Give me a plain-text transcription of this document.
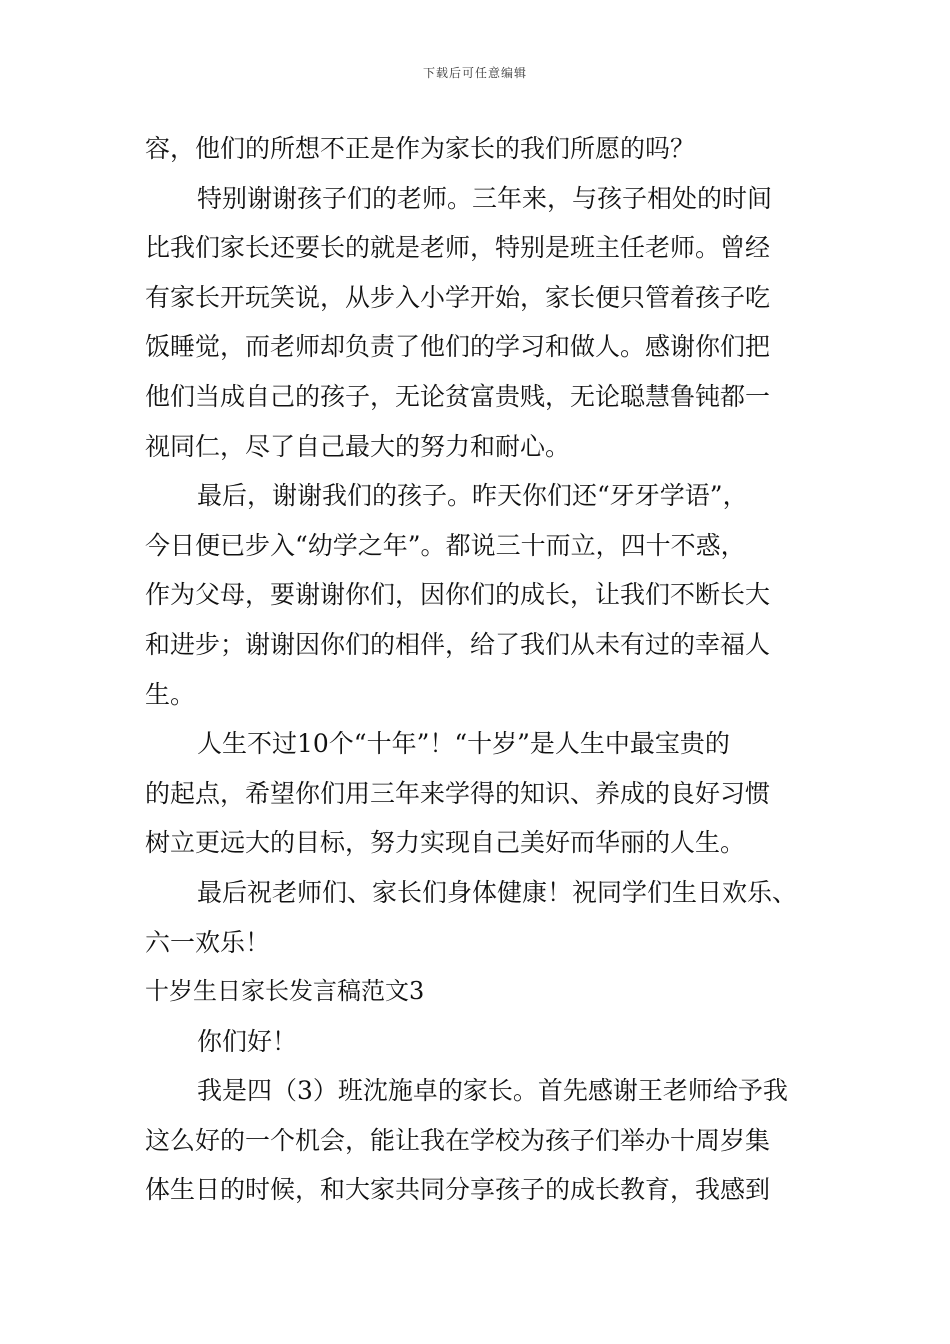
下载后可任意编辑
容，他们的所想不正是作为家长的我们所愿的吗？
特别谢谢孩子们的老师。三年来，与孩子相处的时间
比我们家长还要长的就是老师，特别是班主任老师。曾经
有家长开玩笑说，从步入小学开始，家长便只管着孩子吃
饭睡觉，而老师却负责了他们的学习和做人。感谢你们把
他们当成自己的孩子，无论贫富贵贱，无论聪慧鲁钝都一
视同仁，尽了自己最大的努力和耐心。
最后，谢谢我们的孩子。昨天你们还“牙牙学语”，
今日便已步入“幼学之年”。都说三十而立，四十不惑，
作为父母，要谢谢你们，因你们的成长，让我们不断长大
和进步；谢谢因你们的相伴，给了我们从未有过的幸福人
生。
人生不过10个“十年”！“十岁”是人生中最宝贵的
的起点，希望你们用三年来学得的知识、养成的良好习惯
树立更远大的目标，努力实现自己美好而华丽的人生。
最后祝老师们、家长们身体健康！祝同学们生日欢乐、
六一欢乐！
十岁生日家长发言稿范文3
你们好！
我是四（3）班沈施卓的家长。首先感谢王老师给予我
这么好的一个机会，能让我在学校为孩子们举办十周岁集
体生日的时候，和大家共同分享孩子的成长教育，我感到
